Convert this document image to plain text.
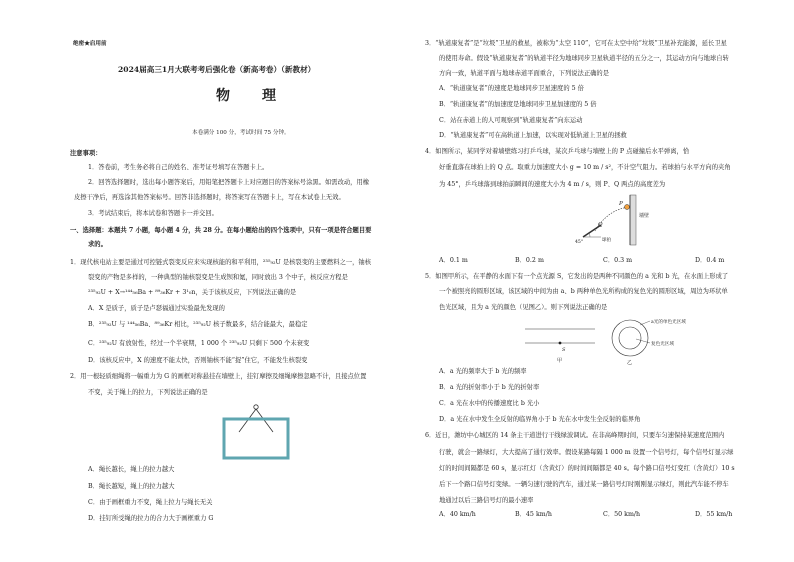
绝密★启用前
2024届高三1月大联考考后强化卷（新高考卷）（新教材）
物　理
本卷满分 100 分，考试时间 75 分钟。
注意事项：
1．答卷前，考生务必将自己的姓名、准考证号填写在答题卡上。
2．回答选择题时，选出每小题答案后，用铅笔把答题卡上对应题目的答案标号涂黑。如需改动，用橡
皮擦干净后，再选涂其他答案标号。回答非选择题时，将答案写在答题卡上，写在本试卷上无效。
3．考试结束后，将本试卷和答题卡一并交回。
一、选择题：本题共 7 小题，每小题 4 分，共 28 分。在每小题给出的四个选项中，只有一项是符合题目要
求的。
1．现代核电站主要是通过可控链式裂变反应来实现核能的和平利用，²³⁵₉₂U 是核裂变的主要燃料之一，铀核
裂变的产物是多样的，一种典型的铀核裂变是生成钡和氪，同时放出 3 个中子，核反应方程是
²³⁵₉₂U + X→¹⁴⁴₅₆Ba + ⁸⁹₃₆Kr + 3¹₀n，关于该核反应，下列说法正确的是
A．X 是质子，质子是卢瑟福通过实验最先发现的
B．²³⁵₉₂U 与 ¹⁴⁴₅₆Ba、⁸⁹₃₆Kr 相比，²³⁵₉₂U 核子数最多，结合能最大，最稳定
C．²³⁵₉₂U 有放射性，经过一个半衰期，1 000 个 ²³⁵₉₂U 只剩下 500 个未衰变
D．该核反应中，X 的速度不能太快，否则铀核不能“捉”住它，不能发生核裂变
2．用一根轻质细绳将一幅重力为 G 的画框对称悬挂在墙壁上，挂钉摩擦及细绳摩擦忽略不计，且接点位置
不变，关于绳上的拉力，下列说法正确的是
A．绳长越长，绳上的拉力越大
B．绳长越短，绳上的拉力越大
C．由于画框重力不变，绳上拉力与绳长无关
D．挂钉所受绳的拉力的合力大于画框重力 G
3．“轨道康复者”是“垃圾”卫星的救星，被称为“太空 110”，它可在太空中给“垃圾”卫星补充能源，延长卫星
的使用寿命。假设“轨道康复者”的轨道半径为地球同步卫星轨道半径的五分之一，其运动方向与地球自转
方向一致，轨道平面与地球赤道平面重合，下列说法正确的是
A．“轨道康复者”的速度是地球同步卫星速度的 5 倍
B．“轨道康复者”的加速度是地球同步卫星加速度的 5 倍
C．站在赤道上的人可观察到“轨道康复者”向东运动
D．“轨道康复者”可在高轨道上加速，以实现对低轨道上卫星的拯救
4．如图所示，某同学对着墙壁练习打乒乓球，某次乒乓球与墙壁上的 P 点碰撞后水平弹离，恰
好垂直落在球拍上的 Q 点。取重力加速度大小 g = 10 m / s²，不计空气阻力。若球拍与水平方向的夹角
为 45°，乒乓球落到球拍前瞬间的速度大小为 4 m / s，则 P、Q 两点的高度差为
P
Q
墙壁
45°	球拍
A．0.1 m	B．0.2 m	C．0.3 m	D．0.4 m
5．如图甲所示，在平静的水面下有一个点光源 S，它发出的是两种不同颜色的 a 光和 b 光，在水面上形成了
一个被照亮的圆形区域，该区域的中间为由 a、b 两种单色光所构成的复色光的圆形区域，周边为环状单
色光区域，且为 a 光的颜色（见图乙）。则下列说法正确的是
S
甲
a光的单色光区域
复色光区域
乙
A．a 光的频率大于 b 光的频率
B．a 光的折射率小于 b 光的折射率
C．a 光在水中的传播速度比 b 光小
D．a 光在水中发生全反射的临界角小于 b 光在水中发生全反射的临界角
6．近日，潍坊中心城区的 14 条主干道进行干线绿波调试。在非高峰期时间，只要车匀速保持某速度范围内
行驶，就会一路绿灯，大大提高了通行效率。假设某路每隔 1 000 m 设置一个信号灯，每个信号灯显示绿
灯的时间间隔都是 60 s，显示红灯（含黄灯）的时间间隔都是 40 s。每个路口信号灯变红（含黄灯）10 s
后下一个路口信号灯变绿。一辆匀速行驶的汽车，通过某一路信号灯时刚刚显示绿灯，则此汽车能不停车
地通过以后三路信号灯的最小速率
A．40 km/h	B．45 km/h	C．50 km/h	D．55 km/h
